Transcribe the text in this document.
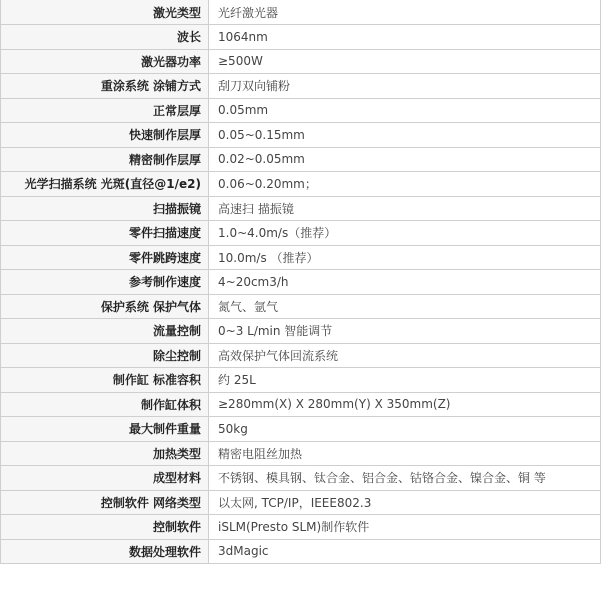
激光类型	光纤激光器
波长	1064nm
激光器功率	≥500W
重涂系统 涂铺方式	刮刀双向铺粉
正常层厚	0.05mm
快速制作层厚	0.05~0.15mm
精密制作层厚	0.02~0.05mm
光学扫描系统 光斑(直径@1/e2)	0.06~0.20mm；
扫描振镜	高速扫 描振镜
零件扫描速度	1.0~4.0m/s（推荐）
零件跳跨速度	10.0m/s （推荐）
参考制作速度	4~20cm3/h
保护系统 保护气体	氮气、氩气
流量控制	0~3 L/min 智能调节
除尘控制	高效保护气体回流系统
制作缸 标准容积	约 25L
制作缸体积	≥280mm(X) X 280mm(Y) X 350mm(Z)
最大制件重量	50kg
加热类型	精密电阻丝加热
成型材料	不锈钢、模具钢、钛合金、铝合金、钴铬合金、镍合金、铜 等
控制软件 网络类型	以太网, TCP/IP，IEEE802.3
控制软件	iSLM(Presto SLM)制作软件
数据处理软件	3dMagic
